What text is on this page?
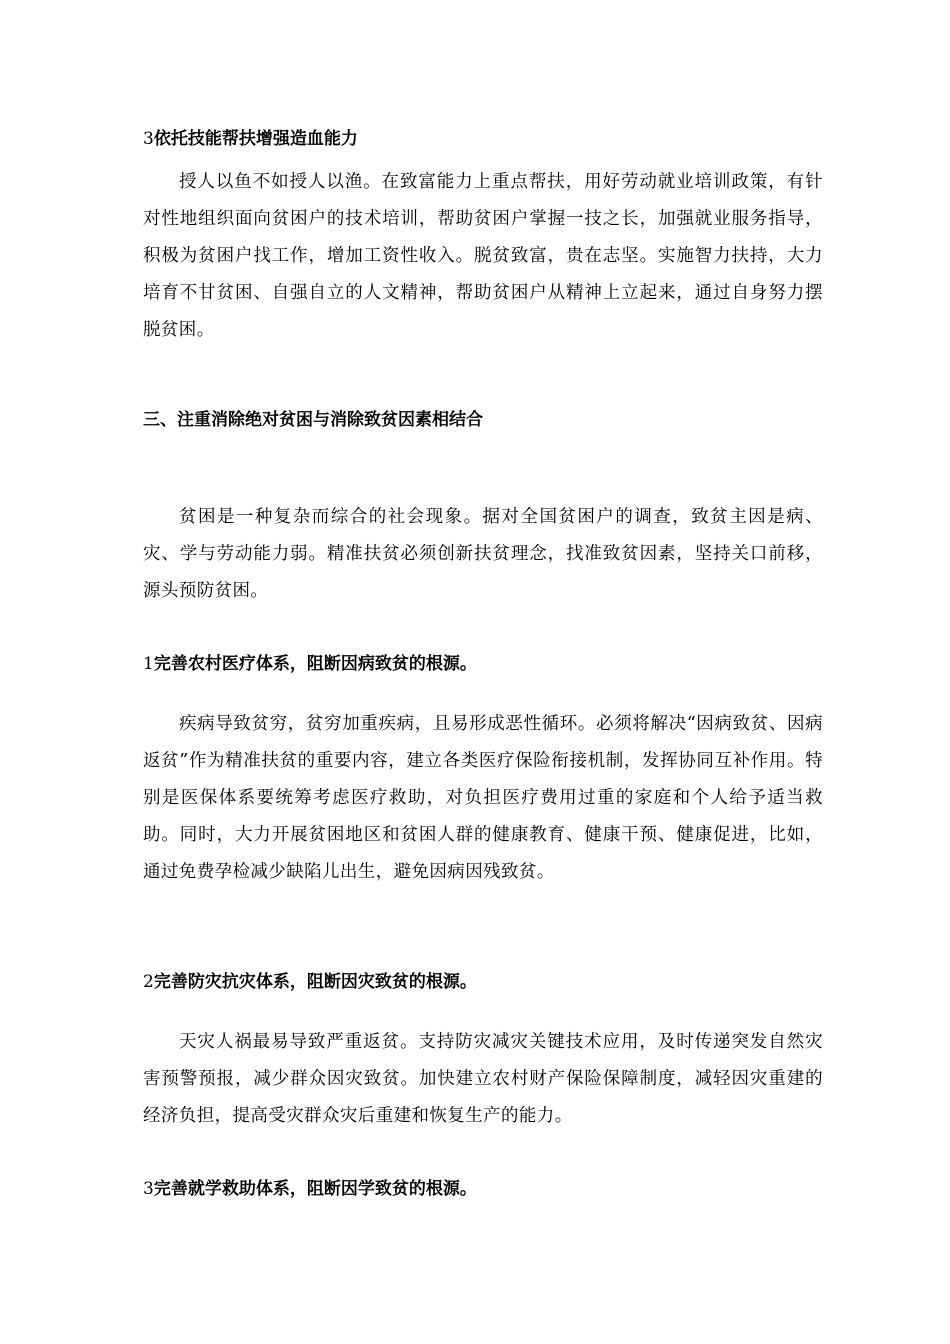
3依托技能帮扶增强造血能力

授人以鱼不如授人以渔。在致富能力上重点帮扶，用好劳动就业培训政策，有针对性地组织面向贫困户的技术培训，帮助贫困户掌握一技之长，加强就业服务指导，积极为贫困户找工作，增加工资性收入。脱贫致富，贵在志坚。实施智力扶持，大力培育不甘贫困、自强自立的人文精神，帮助贫困户从精神上立起来，通过自身努力摆脱贫困。

三、注重消除绝对贫困与消除致贫因素相结合

贫困是一种复杂而综合的社会现象。据对全国贫困户的调查，致贫主因是病、灾、学与劳动能力弱。精准扶贫必须创新扶贫理念，找准致贫因素，坚持关口前移，源头预防贫困。

1完善农村医疗体系，阻断因病致贫的根源。

疾病导致贫穷，贫穷加重疾病，且易形成恶性循环。必须将解决“因病致贫、因病返贫”作为精准扶贫的重要内容，建立各类医疗保险衔接机制，发挥协同互补作用。特别是医保体系要统筹考虑医疗救助，对负担医疗费用过重的家庭和个人给予适当救助。同时，大力开展贫困地区和贫困人群的健康教育、健康干预、健康促进，比如，通过免费孕检减少缺陷儿出生，避免因病因残致贫。

2完善防灾抗灾体系，阻断因灾致贫的根源。

天灾人祸最易导致严重返贫。支持防灾减灾关键技术应用，及时传递突发自然灾害预警预报，减少群众因灾致贫。加快建立农村财产保险保障制度，减轻因灾重建的经济负担，提高受灾群众灾后重建和恢复生产的能力。

3完善就学救助体系，阻断因学致贫的根源。
